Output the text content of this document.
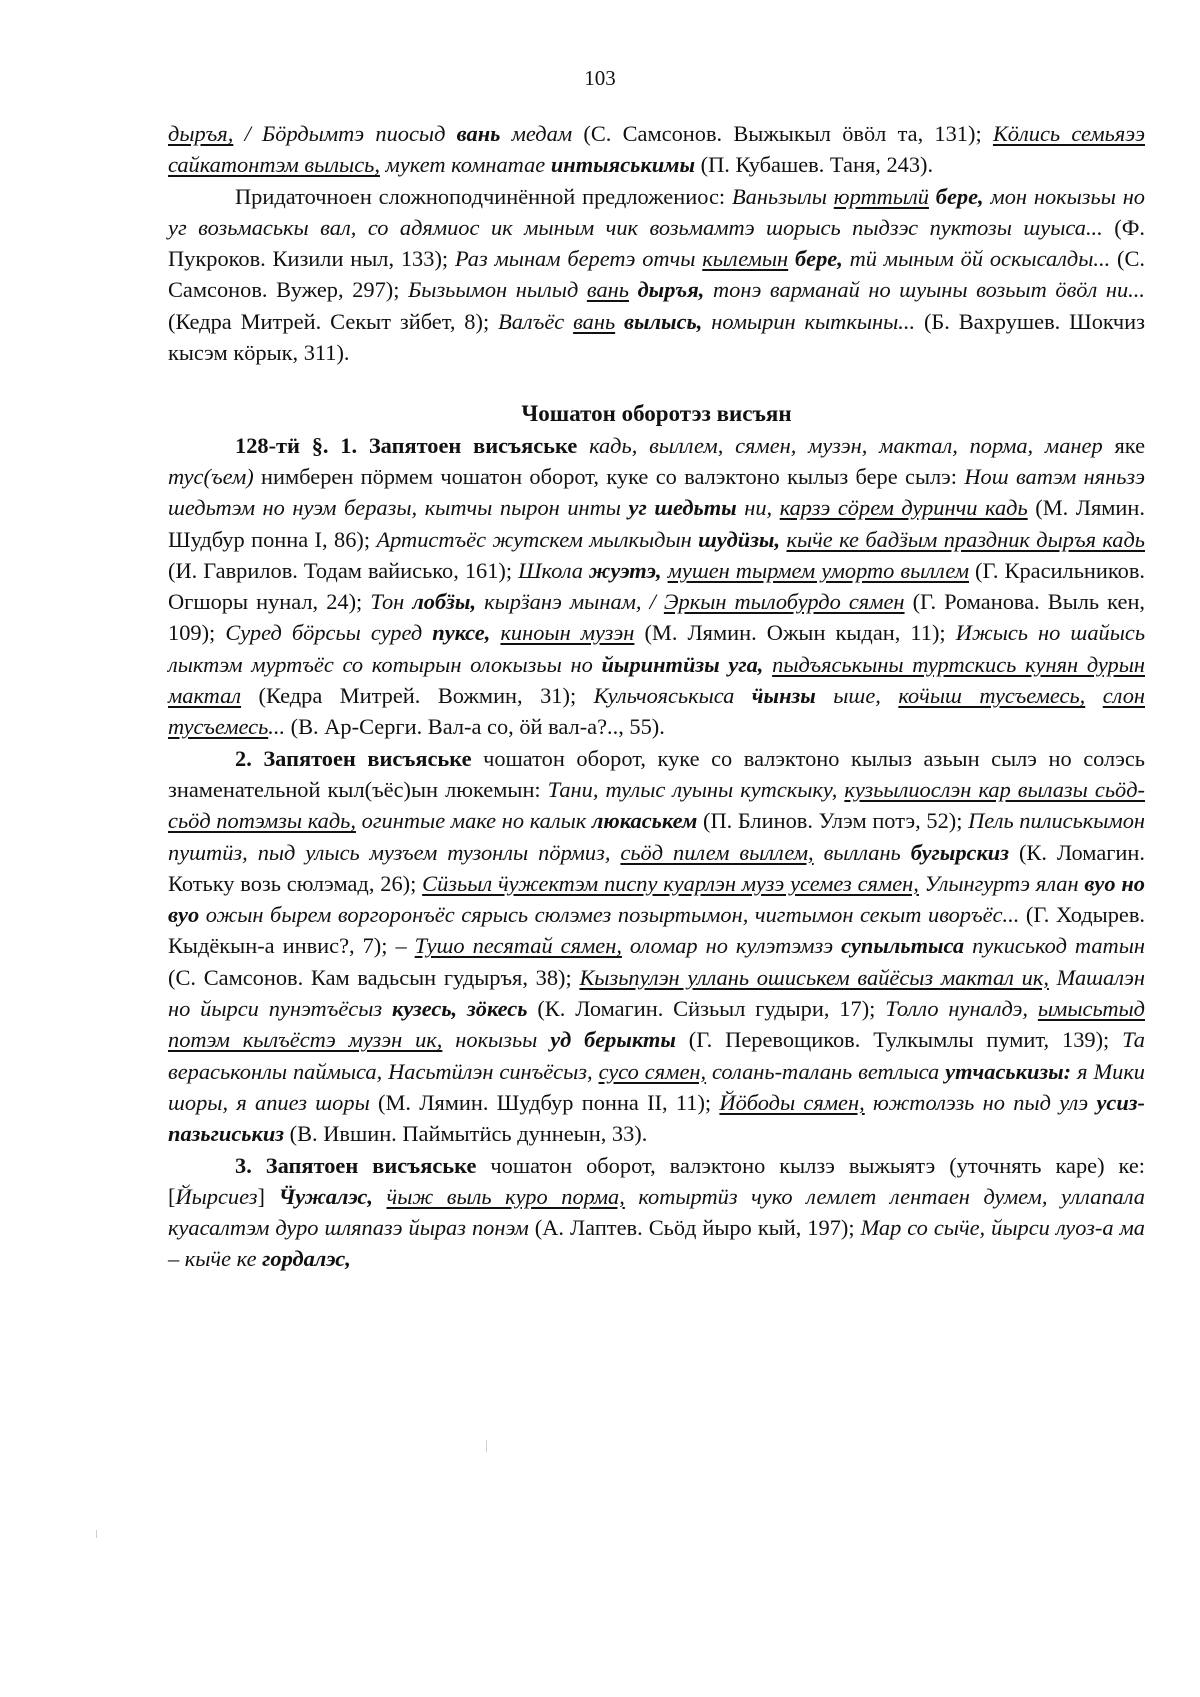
103

дыръя, / Бöрдымтэ пиосыд вань медам (С. Самсонов. Выжыкыл öвöл та, 131); Кöлись семьяээ сайкатонтэм вылысь, мукет комнатае интыяськимы (П. Кубашев. Таня, 243).

Придаточноен сложноподчинённой предложениос: Ваньзылы юрттылӥ бере, мон нокызьы но уг возьмаськы вал, со адямиос ик мыным чик возьмамтэ шорысь пыдзэс пуктозы шуыса... (Ф. Пукроков. Кизили ныл, 133); Раз мынам беретэ отчы кылемын бере, тӥ мыным öй оскысалды... (С. Самсонов. Вужер, 297); Бызьымон нылыд вань дыръя, тонэ варманай но шуыны возьыт öвöл ни... (Кедра Митрей. Секыт зйбет, 8); Валъёс вань вылысь, номырин кыткыны... (Б. Вахрушев. Шокчиз кысэм кöрык, 311).

Чошатон оборотэз висъян

128-тӥ §. 1. Запятоен висъяське кадь, выллем, сямен, музэн, мактал, порма, манер яке тус(ъем) нимберен пöрмем чошатон оборот, куке со валэктоно кылыз бере сылэ: Нош ватэм няньзэ шедьтэм но нуэм беразы, кытчы пырон инты уг шедьты ни, карзэ сöрем дуринчи кадь (М. Лямин. Шудбур понна I, 86); Артистъёс жутскем мылкыдын шудӥзы, кыӵе ке бадӟым праздник дыръя кадь (И. Гаврилов. Тодам вайисько, 161); Школа жуэтэ, мушен тырмем уморто выллем (Г. Красильников. Огшоры нунал, 24); Тон лобӟы, кырӟанэ мынам, / Эркын тылобурдо сямен (Г. Романова. Выль кен, 109); Суред бöрсьы суред пуксе, киноын музэн (М. Лямин. Ожын кыдан, 11); Ижысь но шайысь лыктэм муртъёс со котырын олокызьы но йыринтӥзы уга, пыдъяськыны туртскись кунян дурын мактал (Кедра Митрей. Вожмин, 31); Кульчояськыса ӵынзы ыше, коӵыш тусъемесь, слон тусъемесь... (В. Ар-Серги. Вал-а со, öй вал-а?.., 55).

2. Запятоен висъяське чошатон оборот, куке со валэктоно кылыз азьын сылэ но солэсь знаменательной кыл(ъёс)ын люкемын: Тани, тулыс луыны кутскыку, кузьылиослэн кар вылазы сьöд-сьöд потэмзы кадь, огинтые маке но калык люкаськем (П. Блинов. Улэм потэ, 52); Пель пилиськымон пуштӥз, пыд улысь музъем тузонлы пöрмиз, сьöд пилем выллем, выллань бугырскиз (К. Ломагин. Котьку возь сюлэмад, 26); Сӥзьыл ӵужектэм писпу куарлэн музэ усемез сямен, Улынгуртэ ялан вуо но вуо ожын бырем воргоронъёс сярысь сюлэмез позыртымон, чигтымон секыт иворъёс... (Г. Ходырев. Кыдёкын-а инвис?, 7); – Тушо песятай сямен, оломар но кулэтэмзэ супыльтыса пукиськод татын (С. Самсонов. Кам вадьсын гудыръя, 38); Кызьпулэн уллань ошиськем вайёсыз мактал ик, Машалэн но йырси пунэтъёсыз кузесь, зöкесь (К. Ломагин. Сӥзьыл гудыри, 17); Толло нуналдэ, ымысьтыд потэм кылъёстэ музэн ик, нокызьы уд берыкты (Г. Перевощиков. Тулкымлы пумит, 139); Та вераськонлы паймыса, Насьтӥлэн синъёсыз, сусо сямен, солань-талань ветлыса утчаськизы: я Мики шоры, я апиез шоры (М. Лямин. Шудбур понна II, 11); Йöбоды сямен, южтолэзь но пыд улэ усиз-пазьгиськиз (В. Ившин. Паймытӥсь дуннеын, 33).

3. Запятоен висъяське чошатон оборот, валэктоно кылзэ выжыятэ (уточнять каре) ке: [Йырсиез] Ӵужалэс, ӵыж выль куро порма, котыртӥз чуко лемлет лентаен думем, уллапала куасалтэм дуро шляпазэ йыраз понэм (А. Лаптев. Сьöд йыро кый, 197); Мар со сыӵе, йырси луоз-а ма – кыӵе ке гордалэс,
